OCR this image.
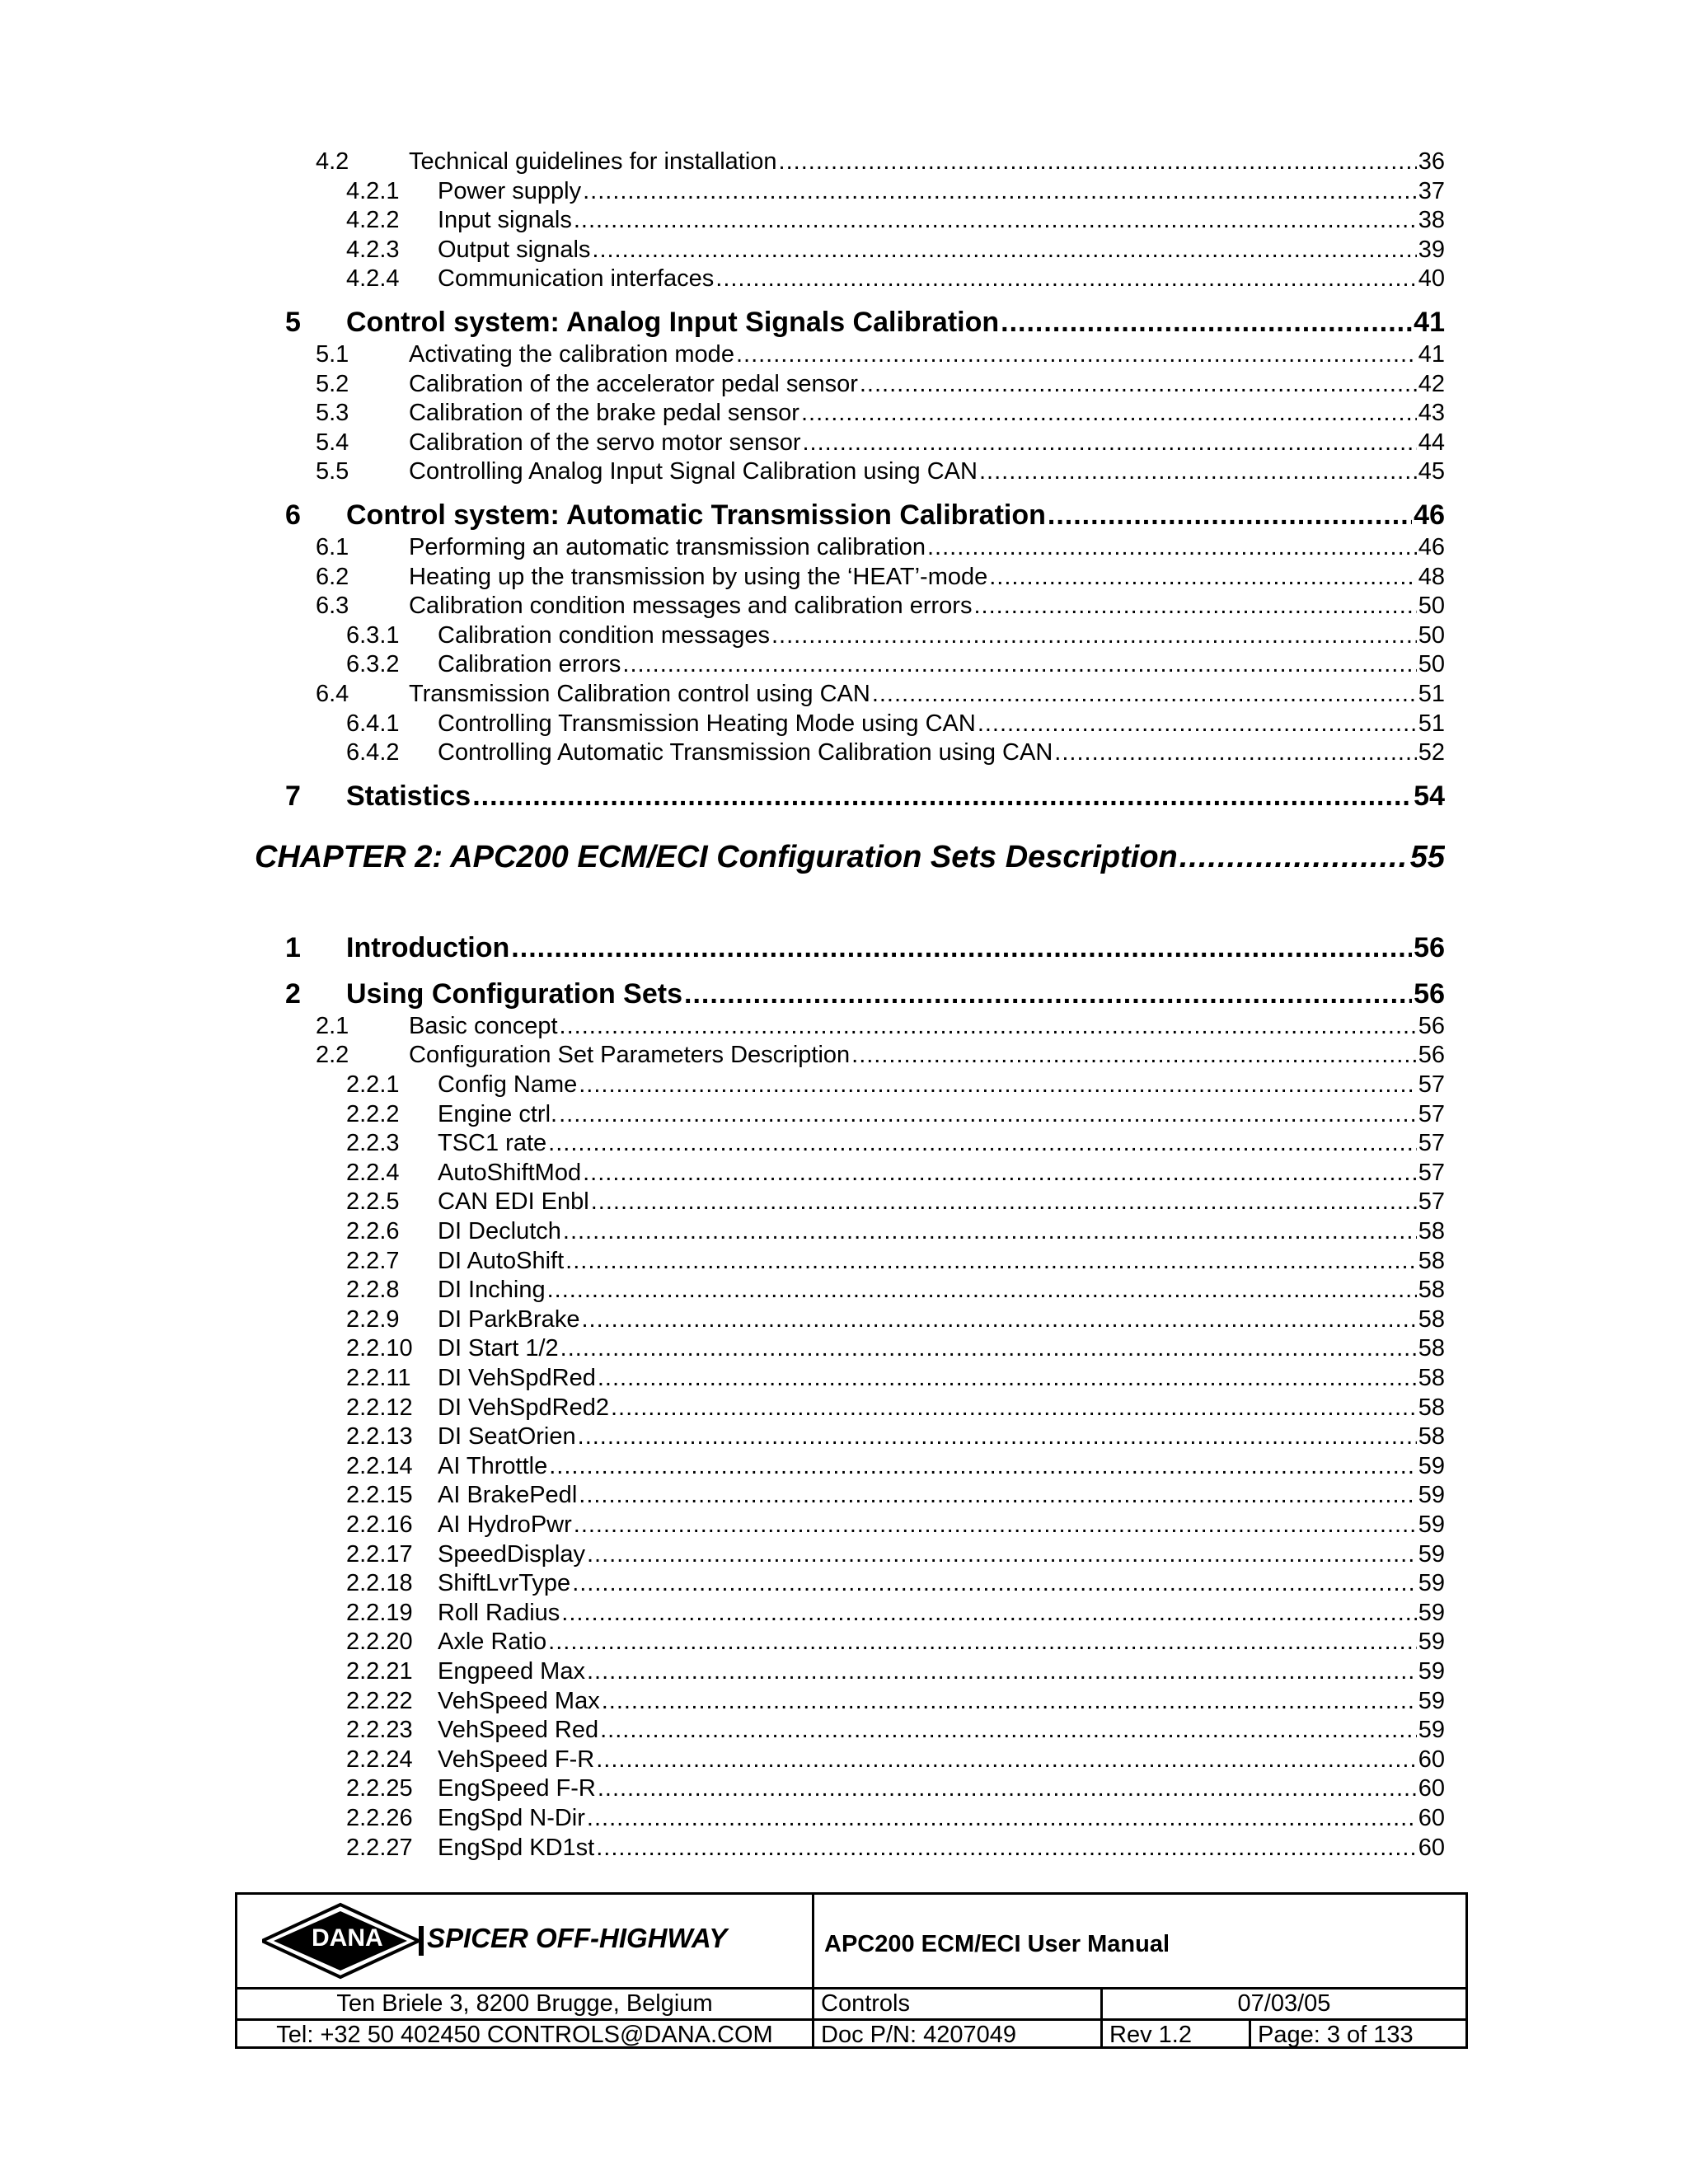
4.2	Technical guidelines for installation .....	36
4.2.1	Power supply .....	37
4.2.2	Input signals .....	38
4.2.3	Output signals .....	39
4.2.4	Communication interfaces .....	40
5	Control system: Analog Input Signals Calibration .....	41
5.1	Activating the calibration mode .....	41
5.2	Calibration of the accelerator pedal sensor .....	42
5.3	Calibration of the brake pedal sensor .....	43
5.4	Calibration of the servo motor sensor .....	44
5.5	Controlling Analog Input Signal Calibration using CAN .....	45
6	Control system: Automatic Transmission Calibration .....	46
6.1	Performing an automatic transmission calibration .....	46
6.2	Heating up the transmission by using the ‘HEAT’-mode .....	48
6.3	Calibration condition messages and calibration errors .....	50
6.3.1	Calibration condition messages .....	50
6.3.2	Calibration errors .....	50
6.4	Transmission Calibration control using CAN .....	51
6.4.1	Controlling Transmission Heating Mode using CAN .....	51
6.4.2	Controlling Automatic Transmission Calibration using CAN .....	52
7	Statistics .....	54
CHAPTER 2: APC200 ECM/ECI Configuration Sets Description .....	55
1	Introduction .....	56
2	Using Configuration Sets .....	56
2.1	Basic concept .....	56
2.2	Configuration Set Parameters Description .....	56
2.2.1	Config Name .....	57
2.2.2	Engine ctrl. .....	57
2.2.3	TSC1 rate .....	57
2.2.4	AutoShiftMod .....	57
2.2.5	CAN EDI Enbl .....	57
2.2.6	DI Declutch .....	58
2.2.7	DI AutoShift .....	58
2.2.8	DI Inching .....	58
2.2.9	DI ParkBrake .....	58
2.2.10	DI Start 1/2 .....	58
2.2.11	DI VehSpdRed .....	58
2.2.12	DI VehSpdRed2 .....	58
2.2.13	DI SeatOrien .....	58
2.2.14	AI Throttle .....	59
2.2.15	AI BrakePedl .....	59
2.2.16	AI HydroPwr .....	59
2.2.17	SpeedDisplay .....	59
2.2.18	ShiftLvrType .....	59
2.2.19	Roll Radius .....	59
2.2.20	Axle Ratio .....	59
2.2.21	Engpeed Max .....	59
2.2.22	VehSpeed Max .....	59
2.2.23	VehSpeed Red .....	59
2.2.24	VehSpeed F-R .....	60
2.2.25	EngSpeed F-R .....	60
2.2.26	EngSpd N-Dir .....	60
2.2.27	EngSpd KD1st .....	60
DANA SPICER OFF-HIGHWAY	APC200 ECM/ECI User Manual
Ten Briele 3, 8200 Brugge, Belgium	Controls	07/03/05
Tel: +32 50 402450 CONTROLS@DANA.COM	Doc P/N: 4207049	Rev 1.2	Page: 3 of 133
